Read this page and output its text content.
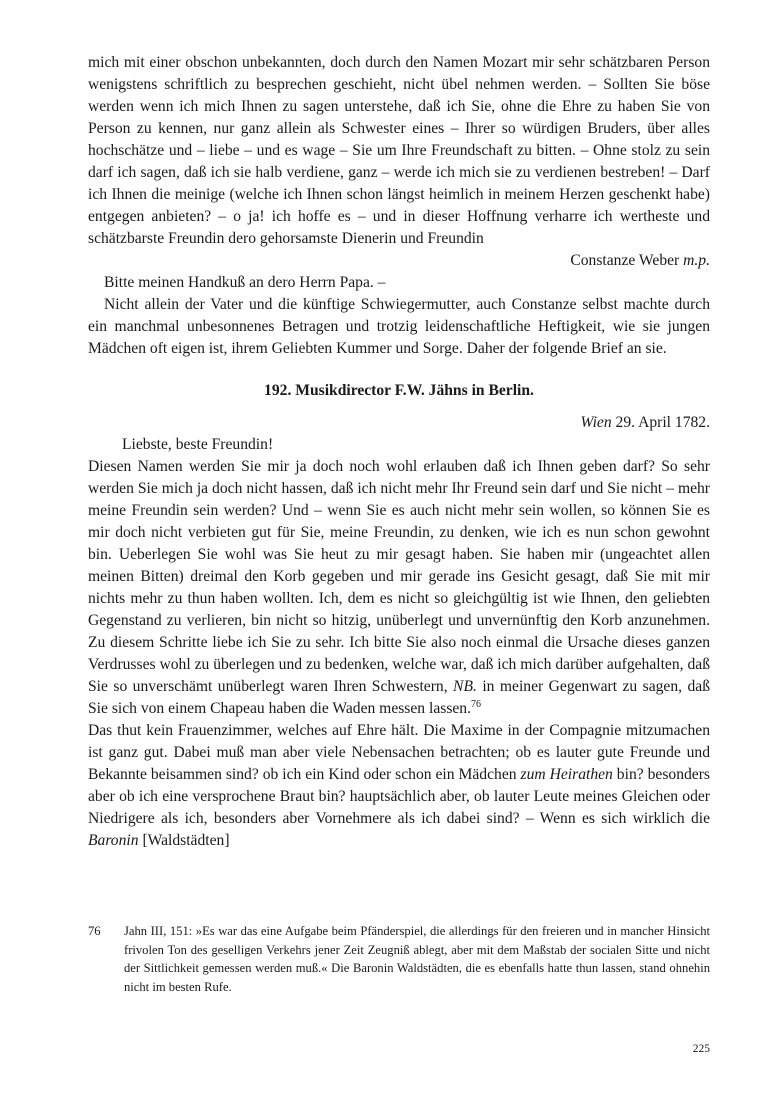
mich mit einer obschon unbekannten, doch durch den Namen Mozart mir sehr schätzbaren Person wenigstens schriftlich zu besprechen geschieht, nicht übel nehmen werden. – Sollten Sie böse werden wenn ich mich Ihnen zu sagen unterstehe, daß ich Sie, ohne die Ehre zu haben Sie von Person zu kennen, nur ganz allein als Schwester eines – Ihrer so würdigen Bruders, über alles hochschätze und – liebe – und es wage – Sie um Ihre Freundschaft zu bitten. – Ohne stolz zu sein darf ich sagen, daß ich sie halb verdiene, ganz – werde ich mich sie zu verdienen bestreben! – Darf ich Ihnen die meinige (welche ich Ihnen schon längst heimlich in meinem Herzen geschenkt habe) entgegen anbieten? – o ja! ich hoffe es – und in dieser Hoffnung verharre ich wertheste und schätzbarste Freundin dero gehorsamste Dienerin und Freundin

Constanze Weber m.p.

Bitte meinen Handkuß an dero Herrn Papa. –

Nicht allein der Vater und die künftige Schwiegermutter, auch Constanze selbst machte durch ein manchmal unbesonnenes Betragen und trotzig leidenschaftliche Heftigkeit, wie sie jungen Mädchen oft eigen ist, ihrem Geliebten Kummer und Sorge. Daher der folgende Brief an sie.

192. Musikdirector F.W. Jähns in Berlin.

Wien 29. April 1782.

Liebste, beste Freundin!

Diesen Namen werden Sie mir ja doch noch wohl erlauben daß ich Ihnen geben darf? So sehr werden Sie mich ja doch nicht hassen, daß ich nicht mehr Ihr Freund sein darf und Sie nicht – mehr meine Freundin sein werden? Und – wenn Sie es auch nicht mehr sein wollen, so können Sie es mir doch nicht verbieten gut für Sie, meine Freundin, zu denken, wie ich es nun schon gewohnt bin. Ueberlegen Sie wohl was Sie heut zu mir gesagt haben. Sie haben mir (ungeachtet allen meinen Bitten) dreimal den Korb gegeben und mir gerade ins Gesicht gesagt, daß Sie mit mir nichts mehr zu thun haben wollten. Ich, dem es nicht so gleichgültig ist wie Ihnen, den geliebten Gegenstand zu verlieren, bin nicht so hitzig, unüberlegt und unvernünftig den Korb anzunehmen. Zu diesem Schritte liebe ich Sie zu sehr. Ich bitte Sie also noch einmal die Ursache dieses ganzen Verdrusses wohl zu überlegen und zu bedenken, welche war, daß ich mich darüber aufgehalten, daß Sie so unverschämt unüberlegt waren Ihren Schwestern, NB. in meiner Gegenwart zu sagen, daß Sie sich von einem Chapeau haben die Waden messen lassen.$^{76}$

Das thut kein Frauenzimmer, welches auf Ehre hält. Die Maxime in der Compagnie mitzumachen ist ganz gut. Dabei muß man aber viele Nebensachen betrachten; ob es lauter gute Freunde und Bekannte beisammen sind? ob ich ein Kind oder schon ein Mädchen zum Heirathen bin? besonders aber ob ich eine versprochene Braut bin? hauptsächlich aber, ob lauter Leute meines Gleichen oder Niedrigere als ich, besonders aber Vornehmere als ich dabei sind? – Wenn es sich wirklich die Baronin [Waldstädten]

76	Jahn III, 151: »Es war das eine Aufgabe beim Pfänderspiel, die allerdings für den freieren und in mancher Hinsicht frivolen Ton des geselligen Verkehrs jener Zeit Zeugniß ablegt, aber mit dem Maßstab der socialen Sitte und nicht der Sittlichkeit gemessen werden muß.« Die Baronin Waldstädten, die es ebenfalls hatte thun lassen, stand ohnehin nicht im besten Rufe.
225
